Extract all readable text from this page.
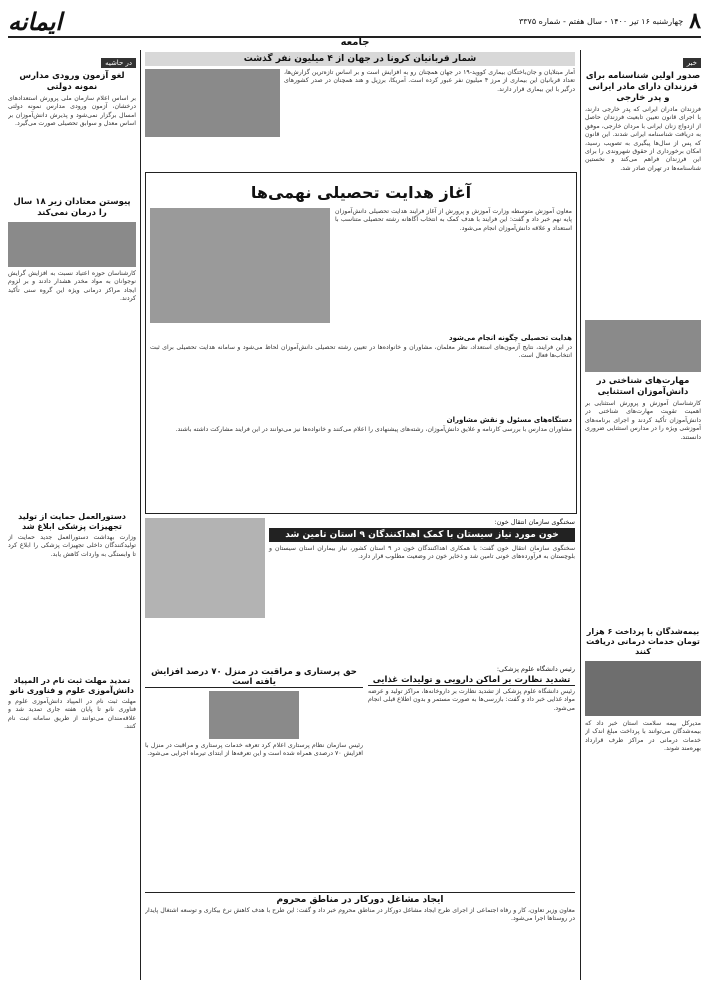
۸
چهارشنبه ۱۶ تیر ۱۴۰۰ - سال هفتم - شماره ۳۳۷۵
ایمانه
جامعه
خبر
صدور اولین شناسنامه برای فرزندان دارای مادر ایرانی و پدر خارجی

فرزندان مادران ایرانی که پدر خارجی دارند، با اجرای قانون تعیین تابعیت فرزندان حاصل از ازدواج زنان ایرانی با مردان خارجی، موفق به دریافت شناسنامه ایرانی شدند. این قانون که پس از سال‌ها پیگیری به تصویب رسید، امکان برخورداری از حقوق شهروندی را برای این فرزندان فراهم می‌کند و نخستین شناسنامه‌ها در تهران صادر شد.

مهارت‌های شناختی در دانش‌آموزان استثنایی

کارشناسان آموزش و پرورش استثنایی بر اهمیت تقویت مهارت‌های شناختی در دانش‌آموزان تأکید کردند و اجرای برنامه‌های آموزشی ویژه را در مدارس استثنایی ضروری دانستند.

بیمه‌شدگان با پرداخت ۶ هزار تومان خدمات درمانی دریافت کنند

مدیرکل بیمه سلامت استان خبر داد که بیمه‌شدگان می‌توانند با پرداخت مبلغ اندک از خدمات درمانی در مراکز طرف قرارداد بهره‌مند شوند.

شمار قربانیان کرونا در جهان از ۴ میلیون نفر گذشت

آمار مبتلایان و جان‌باختگان بیماری کووید-۱۹ در جهان همچنان رو به افزایش است و بر اساس تازه‌ترین گزارش‌ها، تعداد قربانیان این بیماری از مرز ۴ میلیون نفر عبور کرده است. آمریکا، برزیل و هند همچنان در صدر کشورهای درگیر با این بیماری قرار دارند.

آغاز هدایت تحصیلی نهمی‌ها

معاون آموزش متوسطه وزارت آموزش و پرورش از آغاز فرایند هدایت تحصیلی دانش‌آموزان پایه نهم خبر داد و گفت: این فرایند با هدف کمک به انتخاب آگاهانه رشته تحصیلی متناسب با استعداد و علاقه دانش‌آموزان انجام می‌شود.

هدایت تحصیلی چگونه انجام می‌شود

در این فرایند، نتایج آزمون‌های استعداد، نظر معلمان، مشاوران و خانواده‌ها در تعیین رشته تحصیلی دانش‌آموزان لحاظ می‌شود و سامانه هدایت تحصیلی برای ثبت انتخاب‌ها فعال است.

دستگاه‌های مسئول و نقش مشاوران

مشاوران مدارس با بررسی کارنامه و علایق دانش‌آموزان، رشته‌های پیشنهادی را اعلام می‌کنند و خانواده‌ها نیز می‌توانند در این فرایند مشارکت داشته باشند.

سخنگوی سازمان انتقال خون:
خون مورد نیاز سیستان با کمک اهداکنندگان ۹ استان تامین شد

سخنگوی سازمان انتقال خون گفت: با همکاری اهداکنندگان خون در ۹ استان کشور، نیاز بیماران استان سیستان و بلوچستان به فرآورده‌های خونی تامین شد و ذخایر خون در وضعیت مطلوب قرار دارد.

حق پرستاری و مراقبت در منزل ۷۰ درصد افزایش یافته است

رئیس سازمان نظام پرستاری اعلام کرد تعرفه خدمات پرستاری و مراقبت در منزل با افزایش ۷۰ درصدی همراه شده است و این تعرفه‌ها از ابتدای تیرماه اجرایی می‌شود.

رئیس دانشگاه علوم پزشکی:
تشدید نظارت بر اماکن دارویی و تولیدات غذایی

رئیس دانشگاه علوم پزشکی از تشدید نظارت بر داروخانه‌ها، مراکز تولید و عرضه مواد غذایی خبر داد و گفت: بازرسی‌ها به صورت مستمر و بدون اطلاع قبلی انجام می‌شود.

ایجاد مشاغل دورکار در مناطق محروم

معاون وزیر تعاون، کار و رفاه اجتماعی از اجرای طرح ایجاد مشاغل دورکار در مناطق محروم خبر داد و گفت: این طرح با هدف کاهش نرخ بیکاری و توسعه اشتغال پایدار در روستاها اجرا می‌شود.

در حاشیه
لغو آزمون ورودی مدارس نمونه دولتی

بر اساس اعلام سازمان ملی پرورش استعدادهای درخشان، آزمون ورودی مدارس نمونه دولتی امسال برگزار نمی‌شود و پذیرش دانش‌آموزان بر اساس معدل و سوابق تحصیلی صورت می‌گیرد.

پیوستن معتادان زیر ۱۸ سال را درمان نمی‌کند

کارشناسان حوزه اعتیاد نسبت به افزایش گرایش نوجوانان به مواد مخدر هشدار دادند و بر لزوم ایجاد مراکز درمانی ویژه این گروه سنی تأکید کردند.

دستورالعمل حمایت از تولید تجهیزات پزشکی ابلاغ شد

وزارت بهداشت دستورالعمل جدید حمایت از تولیدکنندگان داخلی تجهیزات پزشکی را ابلاغ کرد تا وابستگی به واردات کاهش یابد.

تمدید مهلت ثبت نام در المپیاد دانش‌آموزی علوم و فناوری نانو

مهلت ثبت نام در المپیاد دانش‌آموزی علوم و فناوری نانو تا پایان هفته جاری تمدید شد و علاقه‌مندان می‌توانند از طریق سامانه ثبت نام کنند.
